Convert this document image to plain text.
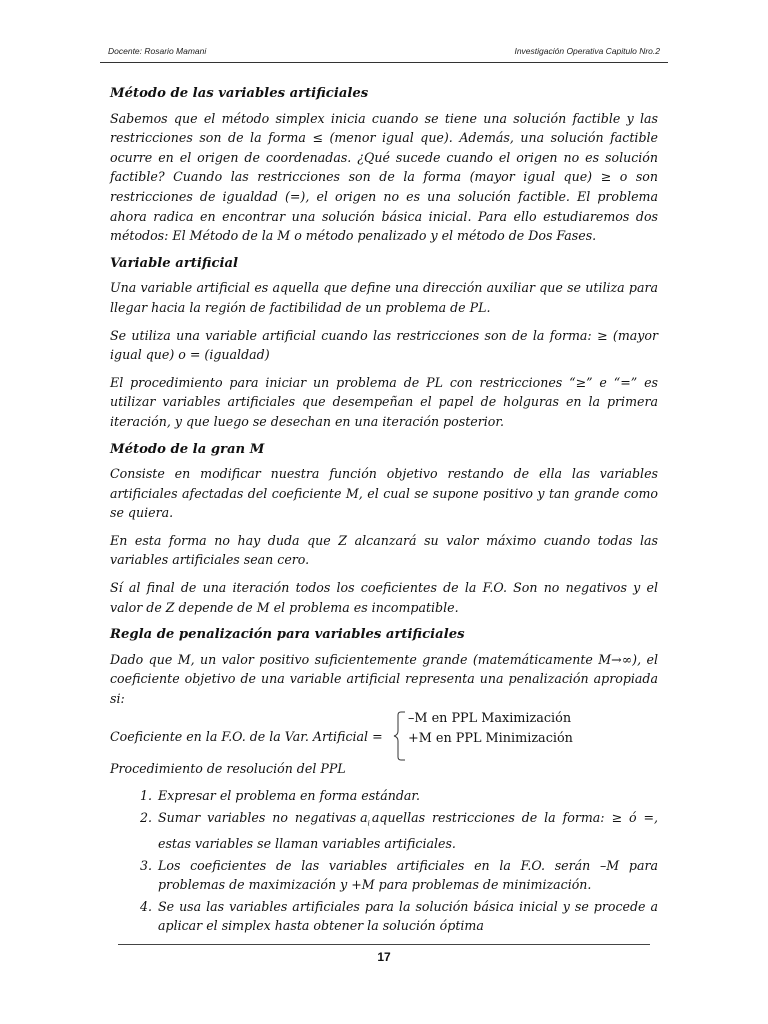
Docente: Rosario Mamani	Investigación Operativa Capitulo Nro.2
Método de las variables artificiales

Sabemos que el método simplex inicia cuando se tiene una solución factible y las restricciones son de la forma ≤ (menor igual que). Además, una solución factible ocurre en el origen de coordenadas. ¿Qué sucede cuando el origen no es solución factible? Cuando las restricciones son de la forma (mayor igual que) ≥ o son restricciones de igualdad (=), el origen no es una solución factible. El problema ahora radica en encontrar una solución básica inicial. Para ello estudiaremos dos métodos: El Método de la M o método penalizado y el método de Dos Fases.

Variable artificial

Una variable artificial es aquella que define una dirección auxiliar que se utiliza para llegar hacia la región de factibilidad de un problema de PL.

Se utiliza una variable artificial cuando las restricciones son de la forma: ≥ (mayor igual que) o = (igualdad)

El procedimiento para iniciar un problema de PL con restricciones “≥” e “=” es utilizar variables artificiales que desempeñan el papel de holguras en la primera iteración, y que luego se desechan en una iteración posterior.

Método de la gran M

Consiste en modificar nuestra función objetivo restando de ella las variables artificiales afectadas del coeficiente M, el cual se supone positivo y tan grande como se quiera.

En esta forma no hay duda que Z alcanzará su valor máximo cuando todas las variables artificiales sean cero.

Sí al final de una iteración todos los coeficientes de la F.O. Son no negativos y el valor de Z depende de M el problema es incompatible.

Regla de penalización para variables artificiales

Dado que M, un valor positivo suficientemente grande (matemáticamente M→∞), el coeficiente objetivo de una variable artificial representa una penalización apropiada si:

Coeficiente en la F.O. de la Var. Artificial =
–M en PPL Maximización
+M en PPL Minimización

Procedimiento de resolución del PPL

1. Expresar el problema en forma estándar.
2. Sumar variables no negativas $a_i$ aquellas restricciones de la forma: ≥ ó =, estas variables se llaman variables artificiales.
3. Los coeficientes de las variables artificiales en la F.O. serán –M para problemas de maximización y +M para problemas de minimización.
4. Se usa las variables artificiales para la solución básica inicial y se procede a aplicar el simplex hasta obtener la solución óptima
17
